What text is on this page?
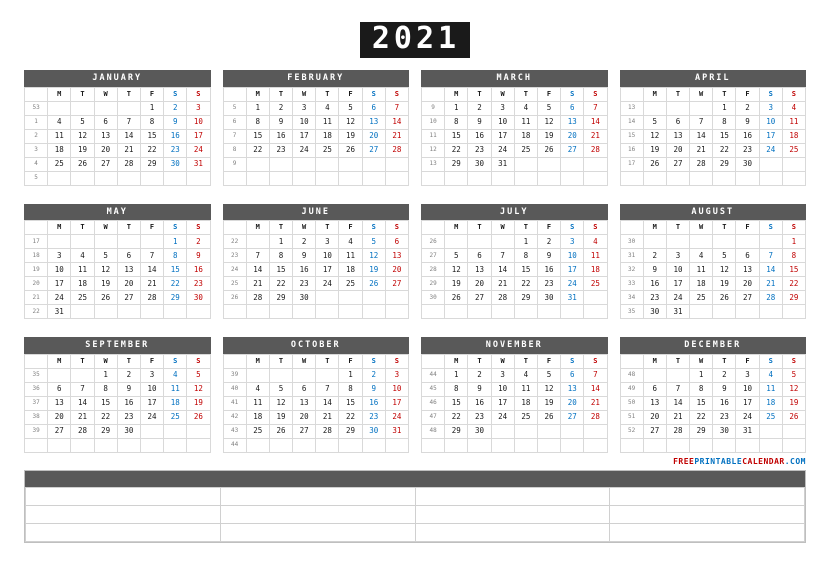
2021
JANUARY
	M	T	W	T	F	S	S
53					1	2	3
1	4	5	6	7	8	9	10
2	11	12	13	14	15	16	17
3	18	19	20	21	22	23	24
4	25	26	27	28	29	30	31
5							
FEBRUARY
	M	T	W	T	F	S	S
5	1	2	3	4	5	6	7
6	8	9	10	11	12	13	14
7	15	16	17	18	19	20	21
8	22	23	24	25	26	27	28
9							

MARCH
	M	T	W	T	F	S	S
9	1	2	3	4	5	6	7
10	8	9	10	11	12	13	14
11	15	16	17	18	19	20	21
12	22	23	24	25	26	27	28
13	29	30	31				

APRIL
	M	T	W	T	F	S	S
13				1	2	3	4
14	5	6	7	8	9	10	11
15	12	13	14	15	16	17	18
16	19	20	21	22	23	24	25
17	26	27	28	29	30		

MAY
	M	T	W	T	F	S	S
17						1	2
18	3	4	5	6	7	8	9
19	10	11	12	13	14	15	16
20	17	18	19	20	21	22	23
21	24	25	26	27	28	29	30
22	31						
JUNE
	M	T	W	T	F	S	S
22		1	2	3	4	5	6
23	7	8	9	10	11	12	13
24	14	15	16	17	18	19	20
25	21	22	23	24	25	26	27
26	28	29	30				

JULY
	M	T	W	T	F	S	S
26				1	2	3	4
27	5	6	7	8	9	10	11
28	12	13	14	15	16	17	18
29	19	20	21	22	23	24	25
30	26	27	28	29	30	31	

AUGUST
	M	T	W	T	F	S	S
30							1
31	2	3	4	5	6	7	8
32	9	10	11	12	13	14	15
33	16	17	18	19	20	21	22
34	23	24	25	26	27	28	29
35	30	31					
SEPTEMBER
	M	T	W	T	F	S	S
35			1	2	3	4	5
36	6	7	8	9	10	11	12
37	13	14	15	16	17	18	19
38	20	21	22	23	24	25	26
39	27	28	29	30			

OCTOBER
	M	T	W	T	F	S	S
39					1	2	3
40	4	5	6	7	8	9	10
41	11	12	13	14	15	16	17
42	18	19	20	21	22	23	24
43	25	26	27	28	29	30	31
44							
NOVEMBER
	M	T	W	T	F	S	S
44	1	2	3	4	5	6	7
45	8	9	10	11	12	13	14
46	15	16	17	18	19	20	21
47	22	23	24	25	26	27	28
48	29	30					

DECEMBER
	M	T	W	T	F	S	S
48			1	2	3	4	5
49	6	7	8	9	10	11	12
50	13	14	15	16	17	18	19
51	20	21	22	23	24	25	26
52	27	28	29	30	31		

FREEPRINTABLECALENDAR.COM
